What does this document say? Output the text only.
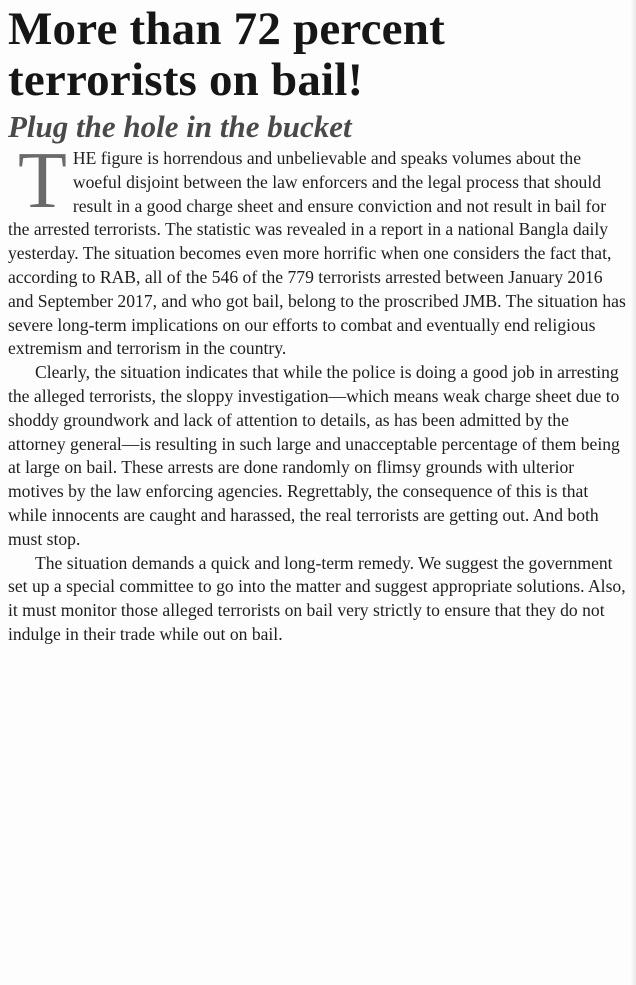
More than 72 percent
terrorists on bail!
Plug the hole in the bucket

THE figure is horrendous and unbelievable and speaks volumes about the woeful disjoint between the law enforcers and the legal process that should result in a good charge sheet and ensure conviction and not result in bail for the arrested terrorists. The statistic was revealed in a report in a national Bangla daily yesterday. The situation becomes even more horrific when one considers the fact that, according to RAB, all of the 546 of the 779 terrorists arrested between January 2016 and September 2017, and who got bail, belong to the proscribed JMB. The situation has severe long-term implications on our efforts to combat and eventually end religious extremism and terrorism in the country.

Clearly, the situation indicates that while the police is doing a good job in arresting the alleged terrorists, the sloppy investigation—which means weak charge sheet due to shoddy groundwork and lack of attention to details, as has been admitted by the attorney general—is resulting in such large and unacceptable percentage of them being at large on bail. These arrests are done randomly on flimsy grounds with ulterior motives by the law enforcing agencies. Regrettably, the consequence of this is that while innocents are caught and harassed, the real terrorists are getting out. And both must stop.

The situation demands a quick and long-term remedy. We suggest the government set up a special committee to go into the matter and suggest appropriate solutions. Also, it must monitor those alleged terrorists on bail very strictly to ensure that they do not indulge in their trade while out on bail.
